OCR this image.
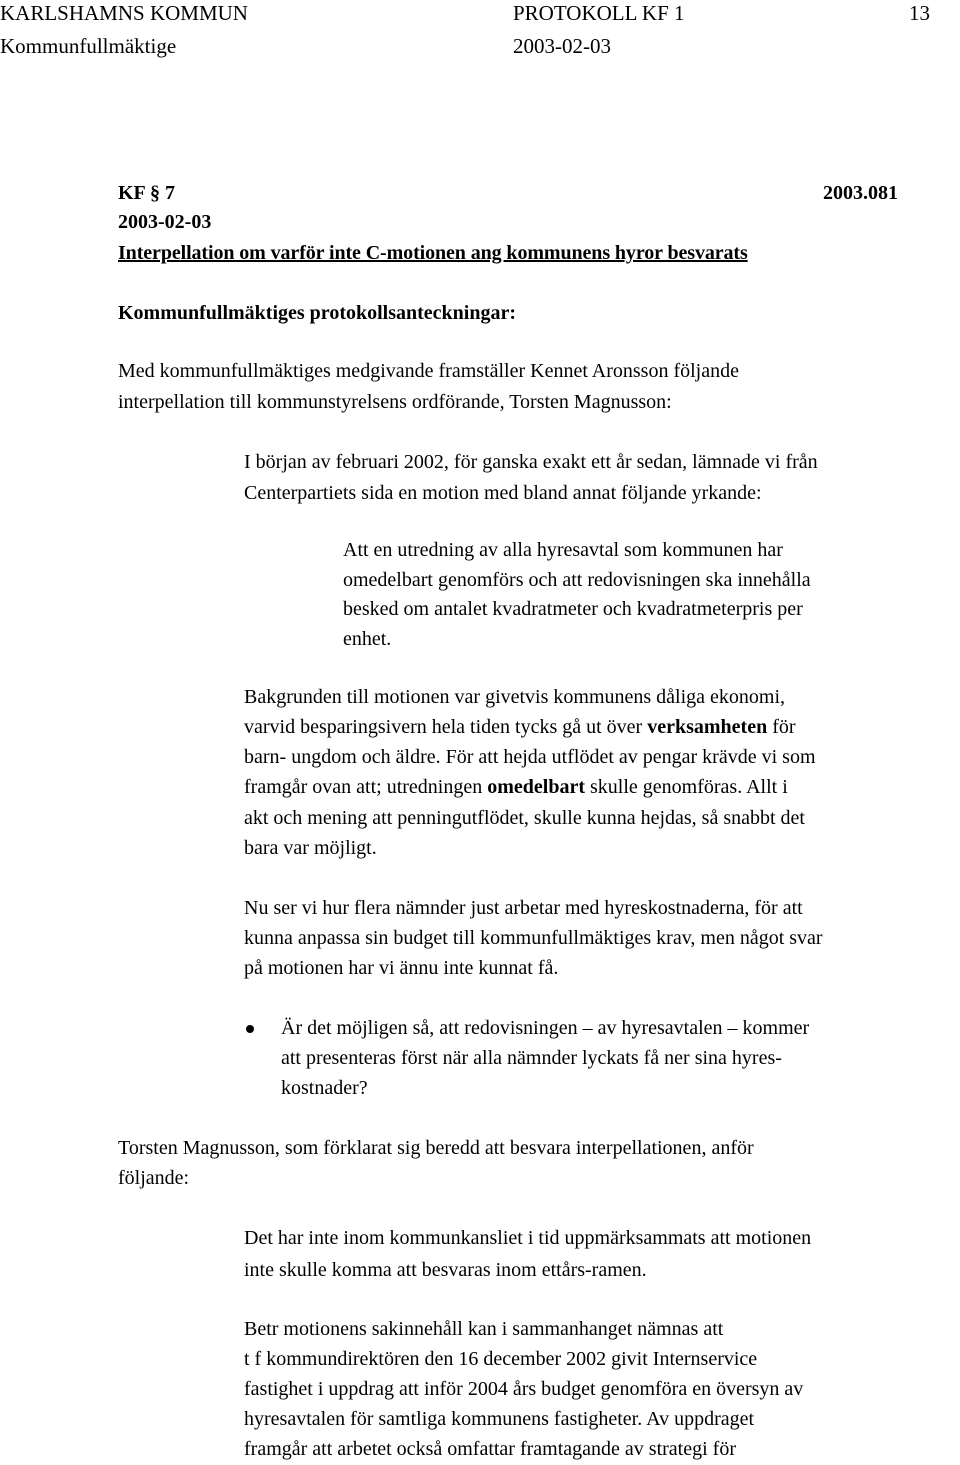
KARLSHAMNS KOMMUN	PROTOKOLL KF 1	13
Kommunfullmäktige	2003-02-03
KF § 7	2003.081
2003-02-03
Interpellation om varför inte C-motionen ang kommunens hyror besvarats
Kommunfullmäktiges protokollsanteckningar:
Med kommunfullmäktiges medgivande framställer Kennet Aronsson följande
interpellation till kommunstyrelsens ordförande, Torsten Magnusson:
I början av februari 2002, för ganska exakt ett år sedan, lämnade vi från
Centerpartiets sida en motion med bland annat följande yrkande:
Att en utredning av alla hyresavtal som kommunen har
omedelbart genomförs och att redovisningen ska innehålla
besked om antalet kvadratmeter och kvadratmeterpris per
enhet.
Bakgrunden till motionen var givetvis kommunens dåliga ekonomi,
varvid besparingsivern hela tiden tycks gå ut över verksamheten för
barn- ungdom och äldre. För att hejda utflödet av pengar krävde vi som
framgår ovan att; utredningen omedelbart skulle genomföras. Allt i
akt och mening att penningutflödet, skulle kunna hejdas, så snabbt det
bara var möjligt.
Nu ser vi hur flera nämnder just arbetar med hyreskostnaderna, för att
kunna anpassa sin budget till kommunfullmäktiges krav, men något svar
på motionen har vi ännu inte kunnat få.
Är det möjligen så, att redovisningen – av hyresavtalen – kommer
att presenteras först när alla nämnder lyckats få ner sina hyres-
kostnader?
Torsten Magnusson, som förklarat sig beredd att besvara interpellationen, anför
följande:
Det har inte inom kommunkansliet i tid uppmärksammats att motionen
inte skulle komma att besvaras inom ettårs-ramen.
Betr motionens sakinnehåll kan i sammanhanget nämnas att
t f kommundirektören den 16 december 2002 givit Internservice
fastighet i uppdrag att inför 2004 års budget genomföra en översyn av
hyresavtalen för samtliga kommunens fastigheter. Av uppdraget
framgår att arbetet också omfattar framtagande av strategi för
